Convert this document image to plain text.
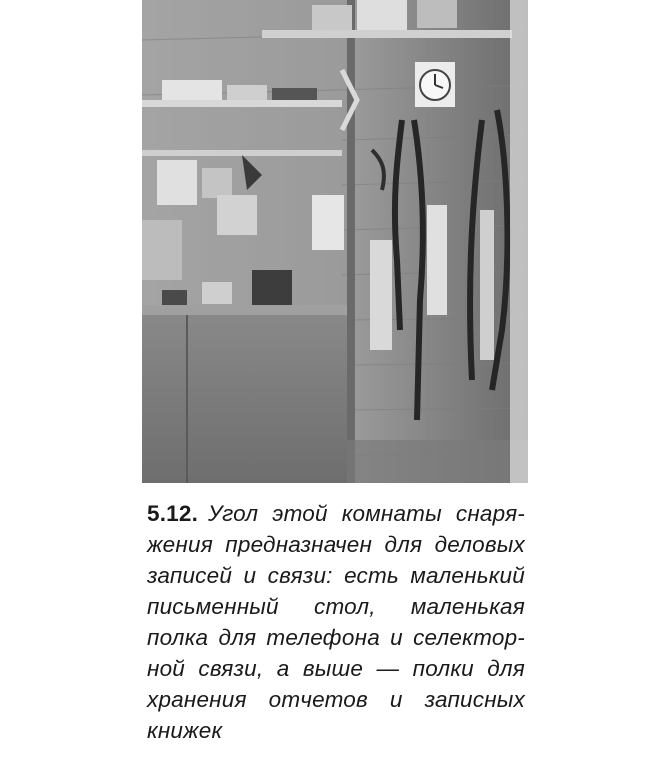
5.12. Угол этой комнаты снаря-
жения предназначен для деловых
записей и связи: есть маленький
письменный стол, маленькая
полка для телефона и селектор-
ной связи, а выше — полки для
хранения отчетов и записных
книжек
